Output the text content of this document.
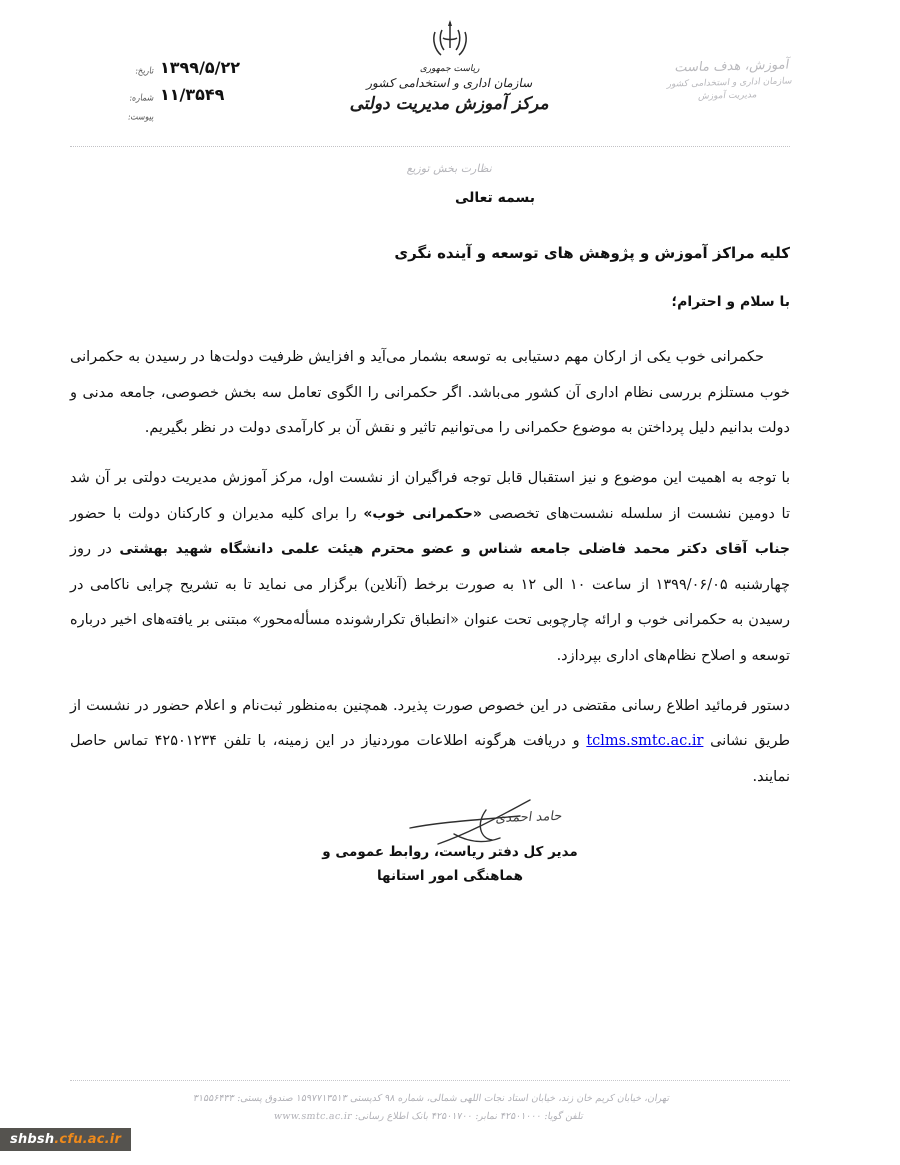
تاریخ: ۱۳۹۹/۵/۲۲
شماره: ۱۱/۳۵۴۹
پیوست:
ریاست جمهوری
سازمان اداری و استخدامی کشور
مرکز آموزش مدیریت دولتی
آموزش، هدف ماست
سازمان اداری و استخدامی کشور
مدیریت آموزش
نظارت بخش توزیع
بسمه تعالی
کلیه مراکز آموزش و پژوهش های توسعه و آینده نگری
با سلام و احترام؛

حکمرانی خوب یکی از ارکان مهم دستیابی به توسعه بشمار می‌آید و افزایش ظرفیت دولت‌ها در رسیدن به حکمرانی خوب مستلزم بررسی نظام اداری آن کشور می‌باشد. اگر حکمرانی را الگوی تعامل سه بخش خصوصی، جامعه مدنی و دولت بدانیم دلیل پرداختن به موضوع حکمرانی را می‌توانیم تاثیر و نقش آن بر کارآمدی دولت در نظر بگیریم.

با توجه به اهمیت این موضوع و نیز استقبال قابل توجه فراگیران از نشست اول، مرکز آموزش مدیریت دولتی بر آن شد تا دومین نشست از سلسله نشست‌های تخصصی «حکمرانی خوب» را برای کلیه مدیران و کارکنان دولت با حضور جناب آقای دکتر محمد فاضلی جامعه شناس و عضو محترم هیئت علمی دانشگاه شهید بهشتی در روز چهارشنبه ۱۳۹۹/۰۶/۰۵ از ساعت ۱۰ الی ۱۲ به صورت برخط (آنلاین) برگزار می نماید تا به تشریح چرایی ناکامی در رسیدن به حکمرانی خوب و ارائه چارچوبی تحت عنوان «انطباق تکرارشونده مسأله‌محور» مبتنی بر یافته‌های اخیر درباره توسعه و اصلاح نظام‌های اداری بپردازد.

دستور فرمائید اطلاع رسانی مقتضی در این خصوص صورت پذیرد. همچنین به‌منظور ثبت‌نام و اعلام حضور در نشست از طریق نشانی tclms.smtc.ac.ir و دریافت هرگونه اطلاعات موردنیاز در این زمینه، با تلفن ۴۲۵۰۱۲۳۴ تماس حاصل نمایند.

حامد احمدی
مدیر کل دفتر ریاست، روابط عمومی و
هماهنگی امور استانها
تهران، خیابان کریم خان زند، خیابان استاد نجات اللهی شمالی، شماره ۹۸ کدپستی ۱۵۹۷۷۱۳۵۱۳ صندوق پستی: ۳۱۵۵۶۴۳۳
تلفن گویا: ۴۲۵۰۱۰۰۰ نمابر: ۴۲۵۰۱۷۰۰ بانک اطلاع رسانی: www.smtc.ac.ir
shbsh.cfu.ac.ir
